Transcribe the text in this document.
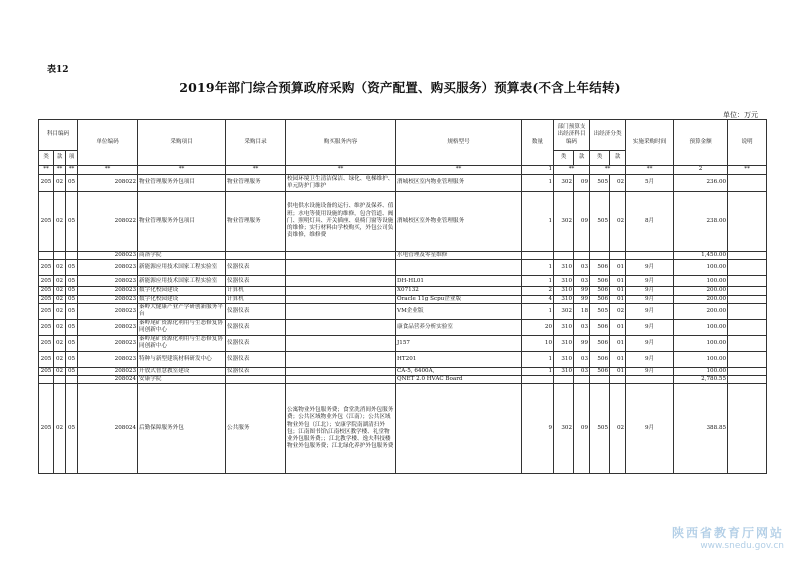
表12
2019年部门综合预算政府采购（资产配置、购买服务）预算表(不含上年结转)
单位：万元
科目编码			单位编码	采购项目	采购目录	购买服务内容	规格型号	数量	部门预算支出经济科目编码		出经济分类		实施采购时间	预算金额	说明
类	款	项							类	款	类	款			
**	**	**	**	**	**	**	**	1	**		**		**	2	**
205	02	05	208022	物业管理服务外包项目	物业管理服务	校园环境卫生清洁保洁、绿化、电梯维护、单元防护门维护	渭城校区室内物业管理服务	1	302	09	505	02	5月	236.00	
205	02	05	208022	物业管理服务外包项目	物业管理服务	供电供水设施设备的运行、维护及保养、值班；水电等使用设施的维修，包含管道、阀门、照明灯具、开关插座、桌椅门窗等设施的维修；实行材料由学校购买，外包公司负责维修，维修费	渭城校区室外物业管理服务	1	302	09	505	02	8月	238.00	
			208023	商洛学院			水电管理及零星维修							1,450.00	
205	02	05	208023	新能源应用技术国家工程实验室	仪器仪表			1	310	03	506	01	9月	100.00	
205	02	05	208023	新能源应用技术国家工程实验室	仪器仪表		DH-HL01	1	310	03	506	01	9月	100.00	
205	02	05	208023	数字化校园建设	计算机		X07132	2	310	99	506	01	9月	200.00	
205	02	05	208023	数字化校园建设	计算机		Oracle 11g Scpu企业版	4	310	99	506	01	9月	200.00	
205	02	05	208023	秦岭大健康产业产学研创新服务平台	仪器仪表		VM企业版	1	302	18	505	02	9月	200.00	
205	02	05	208023	秦岭尾矿资源化利用与生态修复协同创新中心	仪器仪表		康食品营养分析实验室	20	310	03	506	01	9月	100.00	
205	02	05	208023	秦岭尾矿资源化利用与生态修复协同创新中心	仪器仪表		J157	10	310	99	506	01	9月	100.00	
205	02	05	208023	特种与新型建筑材料研发中心	仪器仪表		HT201	1	310	03	506	01	9月	100.00	
205	02	05	208023	开放式智慧教室建设	仪器仪表		CA-5, 6400A,	1	310	03	506	01	9月	100.00	
			208024	安康学院			QNET 2.0 HVAC Board							2,780.55	
205	02	05	208024	后勤保障服务外包	公共服务	公寓物业外包服务费；食堂洗消间外包服务费；公共区域物业外包（江南）；公共区域物业外包（江北）；安康学院南湖清扫外包；江南图书馆\江南校区教学楼、礼堂物业外包服务费；；江北教学楼、逸夫科技楼物业外包服务费；江北绿化养护外包服务费		9	302	09	505	02	9月	388.85	
陕西省教育厅网站
www.snedu.gov.cn
